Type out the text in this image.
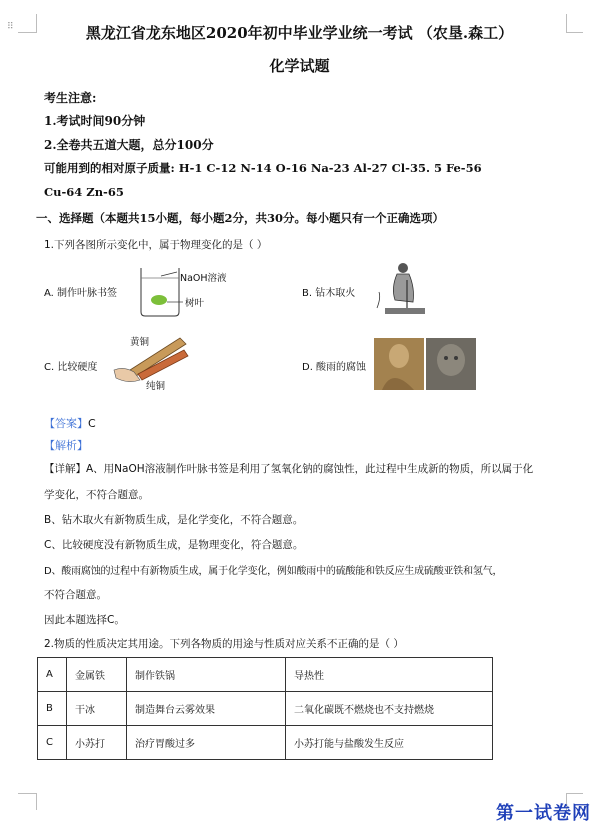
⠿	黑龙江省龙东地区2020年初中毕业学业统一考试 （农垦.森工）
化学试题
考生注意:
1.考试时间90分钟
2.全卷共五道大题，总分100分
可能用到的相对原子质量: H-1 C-12 N-14 O-16 Na-23 Al-27 Cl-35. 5 Fe-56
Cu-64 Zn-65
一、选择题（本题共15小题，每小题2分，共30分。每小题只有一个正确选项）
1.下列各图所示变化中，属于物理变化的是（ ）
A. 制作叶脉书签
NaOH溶液
树叶
B. 钻木取火
C. 比较硬度
黄铜
纯铜
D. 酸雨的腐蚀
【答案】C
【解析】
【详解】A、用NaOH溶液制作叶脉书签是利用了氢氧化钠的腐蚀性，此过程中生成新的物质，所以属于化
学变化，不符合题意。
B、钻木取火有新物质生成，是化学变化，不符合题意。
C、比较硬度没有新物质生成，是物理变化，符合题意。
D、酸雨腐蚀的过程中有新物质生成，属于化学变化，例如酸雨中的硫酸能和铁反应生成硫酸亚铁和氢气，
不符合题意。
因此本题选择C。
2.物质的性质决定其用途。下列各物质的用途与性质对应关系不正确的是（ ）
A	金属铁	制作铁锅	导热性
B	干冰	制造舞台云雾效果	二氧化碳既不燃烧也不支持燃烧
C	小苏打	治疗胃酸过多	小苏打能与盐酸发生反应
第一试卷网
